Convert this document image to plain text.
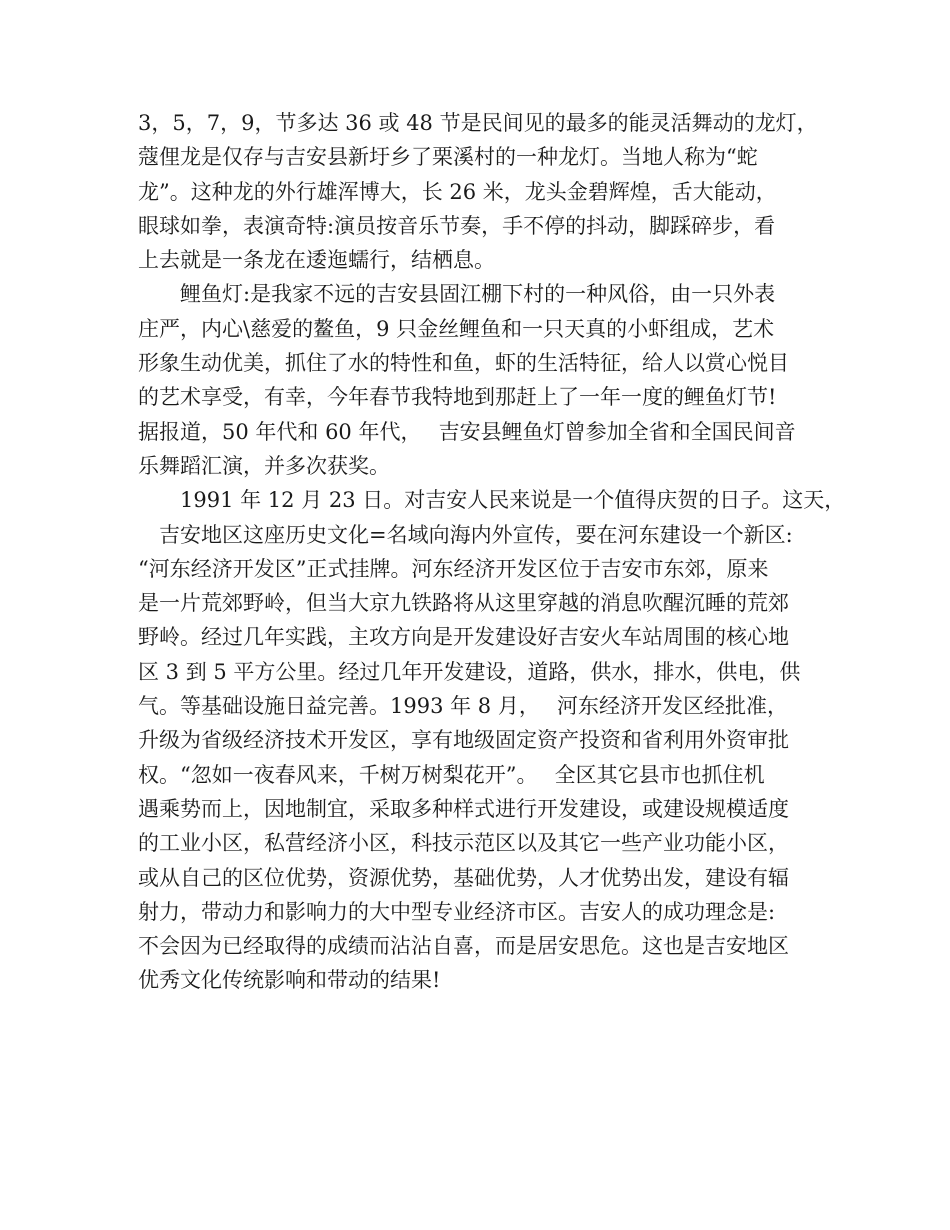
3，5，7，9，节多达 36 或 48 节是民间见的最多的能灵活舞动的龙灯，
蔻俚龙是仅存与吉安县新圩乡了栗溪村的一种龙灯。当地人称为“蛇
龙”。这种龙的外行雄浑博大，长 26 米，龙头金碧辉煌，舌大能动，
眼球如拳，表演奇特:演员按音乐节奏，手不停的抖动，脚踩碎步，看
上去就是一条龙在逶迤蠕行，结栖息。
　　鲤鱼灯:是我家不远的吉安县固江棚下村的一种风俗，由一只外表
庄严，内心\慈爱的鳌鱼，9 只金丝鲤鱼和一只天真的小虾组成，艺术
形象生动优美，抓住了水的特性和鱼，虾的生活特征，给人以赏心悦目
的艺术享受，有幸，今年春节我特地到那赶上了一年一度的鲤鱼灯节!
据报道，50 年代和 60 年代，　 吉安县鲤鱼灯曾参加全省和全国民间音
乐舞蹈汇演，并多次获奖。
　　1991 年 12 月 23 日。对吉安人民来说是一个值得庆贺的日子。这天，
　吉安地区这座历史文化=名域向海内外宣传，要在河东建设一个新区:
“河东经济开发区”正式挂牌。河东经济开发区位于吉安市东郊，原来
是一片荒郊野岭，但当大京九铁路将从这里穿越的消息吹醒沉睡的荒郊
野岭。经过几年实践，主攻方向是开发建设好吉安火车站周围的核心地
区 3 到 5 平方公里。经过几年开发建设，道路，供水，排水，供电，供
气。等基础设施日益完善。1993 年 8 月，　 河东经济开发区经批准，
升级为省级经济技术开发区，享有地级固定资产投资和省利用外资审批
权。“忽如一夜春风来，千树万树梨花开”。　 全区其它县市也抓住机
遇乘势而上，因地制宜，采取多种样式进行开发建设，或建设规模适度
的工业小区，私营经济小区，科技示范区以及其它一些产业功能小区，
或从自己的区位优势，资源优势，基础优势，人才优势出发，建设有辐
射力，带动力和影响力的大中型专业经济市区。吉安人的成功理念是:
不会因为已经取得的成绩而沾沾自喜，而是居安思危。这也是吉安地区
优秀文化传统影响和带动的结果!
